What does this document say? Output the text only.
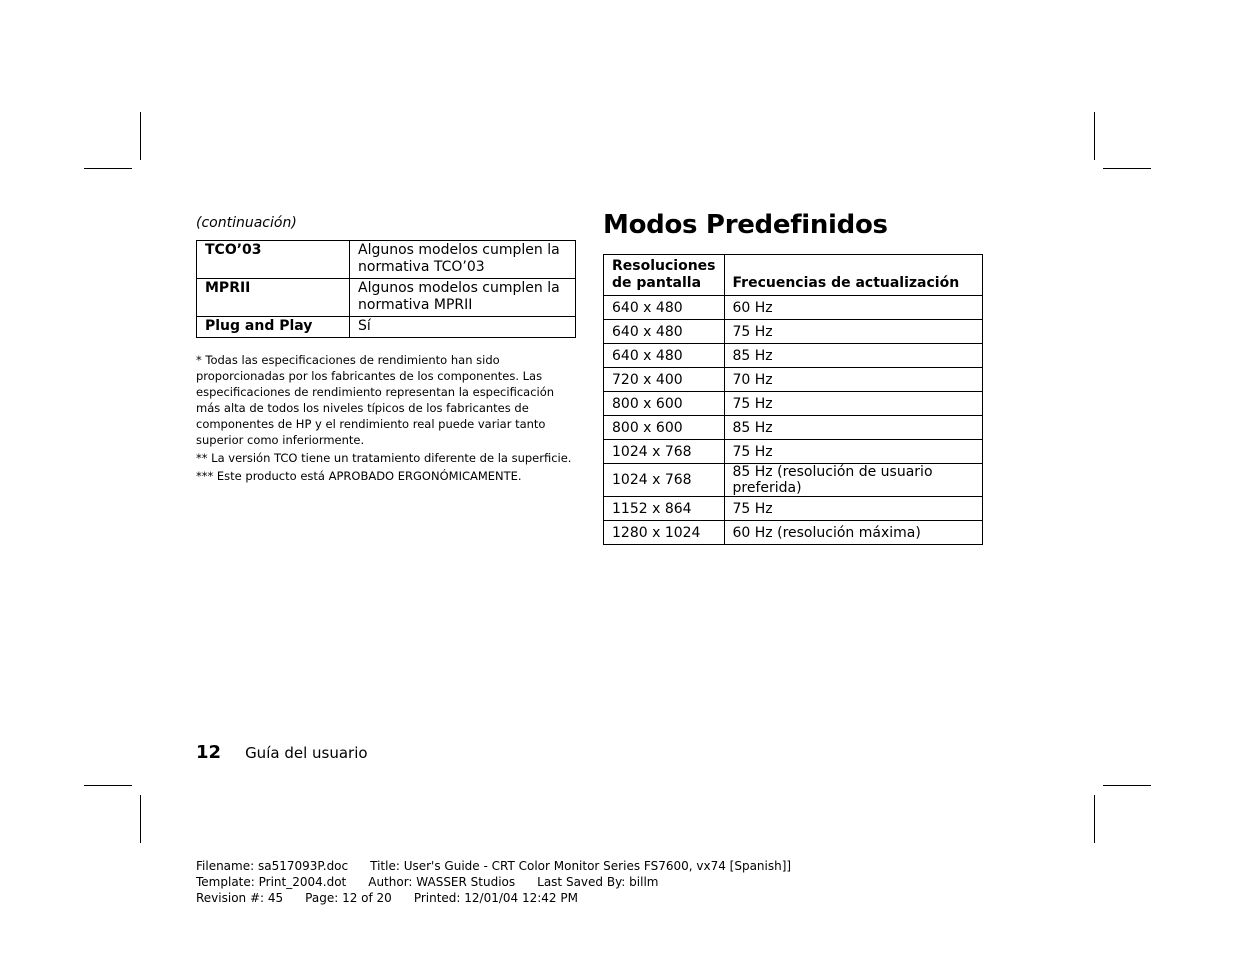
(continuación)

TCO’03	Algunos modelos cumplen la normativa TCO’03
MPRII	Algunos modelos cumplen la normativa MPRII
Plug and Play	Sí

* Todas las especificaciones de rendimiento han sido proporcionadas por los fabricantes de los componentes. Las especificaciones de rendimiento representan la especificación más alta de todos los niveles típicos de los fabricantes de componentes de HP y el rendimiento real puede variar tanto superior como inferiormente.

** La versión TCO tiene un tratamiento diferente de la superficie.

*** Este producto está APROBADO ERGONÓMICAMENTE.

Modos Predefinidos
Resoluciones de pantalla	Frecuencias de actualización
640 x 480	60 Hz
640 x 480	75 Hz
640 x 480	85 Hz
720 x 400	70 Hz
800 x 600	75 Hz
800 x 600	85 Hz
1024 x 768	75 Hz
1024 x 768	85 Hz (resolución de usuario preferida)
1152 x 864	75 Hz
1280 x 1024	60 Hz (resolución máxima)
12 Guía del usuario
Filename: sa517093P.doc Title: User's Guide - CRT Color Monitor Series FS7600, vx74 [Spanish]]
Template: Print_2004.dot Author: WASSER Studios Last Saved By: billm
Revision #: 45 Page: 12 of 20 Printed: 12/01/04 12:42 PM
